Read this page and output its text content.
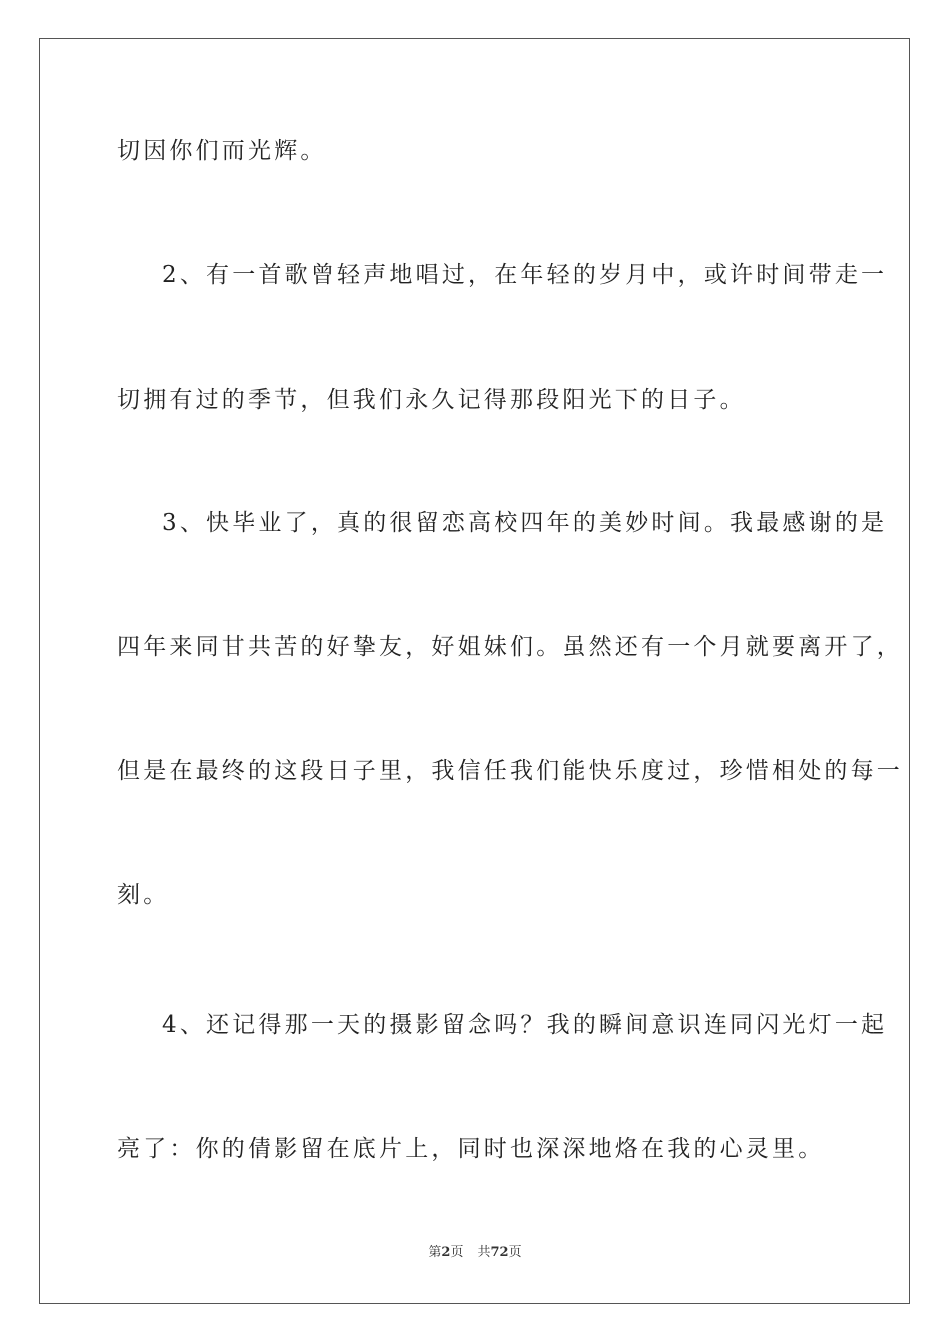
切因你们而光辉。
2、有一首歌曾轻声地唱过，在年轻的岁月中，或许时间带走一
切拥有过的季节，但我们永久记得那段阳光下的日子。
3、快毕业了，真的很留恋高校四年的美妙时间。我最感谢的是
四年来同甘共苦的好挚友，好姐妹们。虽然还有一个月就要离开了，
但是在最终的这段日子里，我信任我们能快乐度过，珍惜相处的每一
刻。
4、还记得那一天的摄影留念吗？我的瞬间意识连同闪光灯一起
亮了：你的倩影留在底片上，同时也深深地烙在我的心灵里。
第2页 共72页
